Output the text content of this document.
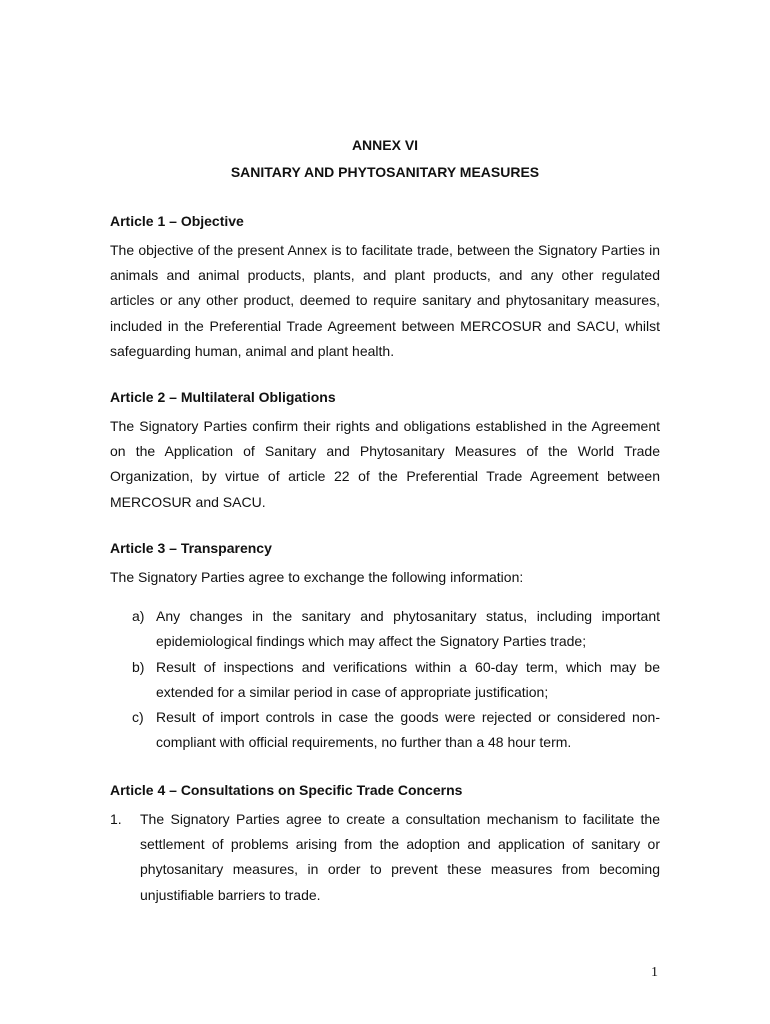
ANNEX VI
SANITARY AND PHYTOSANITARY MEASURES
Article 1 – Objective

The objective of the present Annex is to facilitate trade, between the Signatory Parties in animals and animal products, plants, and plant products, and any other regulated articles or any other product, deemed to require sanitary and phytosanitary measures, included in the Preferential Trade Agreement between MERCOSUR and SACU, whilst safeguarding human, animal and plant health.

Article 2 – Multilateral Obligations

The Signatory Parties confirm their rights and obligations established in the Agreement on the Application of Sanitary and Phytosanitary Measures of the World Trade Organization, by virtue of article 22 of the Preferential Trade Agreement between MERCOSUR and SACU.

Article 3 – Transparency

The Signatory Parties agree to exchange the following information:

a) Any changes in the sanitary and phytosanitary status, including important epidemiological findings which may affect the Signatory Parties trade;
b) Result of inspections and verifications within a 60-day term, which may be extended for a similar period in case of appropriate justification;
c) Result of import controls in case the goods were rejected or considered non-compliant with official requirements, no further than a 48 hour term.
Article 4 – Consultations on Specific Trade Concerns
1. The Signatory Parties agree to create a consultation mechanism to facilitate the settlement of problems arising from the adoption and application of sanitary or phytosanitary measures, in order to prevent these measures from becoming unjustifiable barriers to trade.
1
